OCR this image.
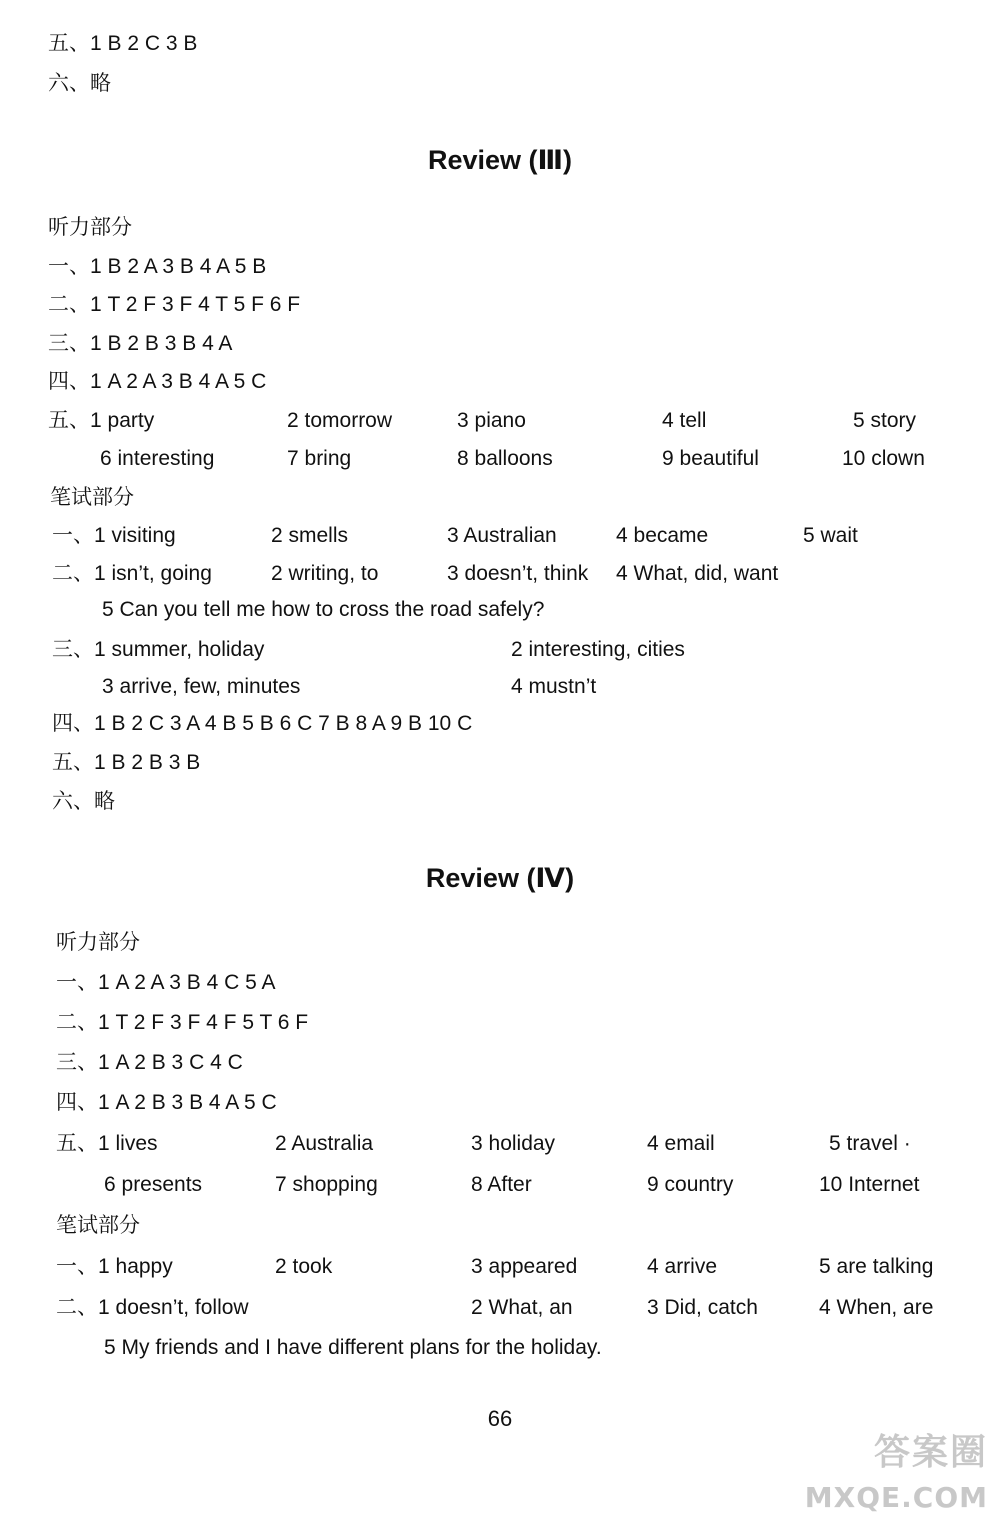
五、1 B 2 C 3 B
六、略
Review (Ⅲ)
听力部分
一、1 B 2 A 3 B 4 A 5 B
二、1 T 2 F 3 F 4 T 5 F 6 F
三、1 B 2 B 3 B 4 A
四、1 A 2 A 3 B 4 A 5 C
五、1 party	2 tomorrow	3 piano	4 tell	5 story
6 interesting	7 bring	8 balloons	9 beautiful	10 clown
笔试部分
一、1 visiting	2 smells	3 Australian	4 became	5 wait
二、1 isn’t, going	2 writing, to	3 doesn’t, think 4 What, did, want
5 Can you tell me how to cross the road safely?
三、1 summer, holiday	2 interesting, cities
3 arrive, few, minutes	4 mustn’t
四、1 B 2 C 3 A 4 B 5 B 6 C 7 B 8 A 9 B 10 C
五、1 B 2 B 3 B
六、略
Review (Ⅳ)
听力部分
一、1 A 2 A 3 B 4 C 5 A
二、1 T 2 F 3 F 4 F 5 T 6 F
三、1 A 2 B 3 C 4 C
四、1 A 2 B 3 B 4 A 5 C
五、1 lives	2 Australia	3 holiday	4 email	5 travel ·
6 presents	7 shopping	8 After	9 country	10 Internet
笔试部分
一、1 happy	2 took	3 appeared	4 arrive	5 are talking
二、1 doesn’t, follow	2 What, an	3 Did, catch	4 When, are
5 My friends and I have different plans for the holiday.
66
答案圈
MXQE.COM
